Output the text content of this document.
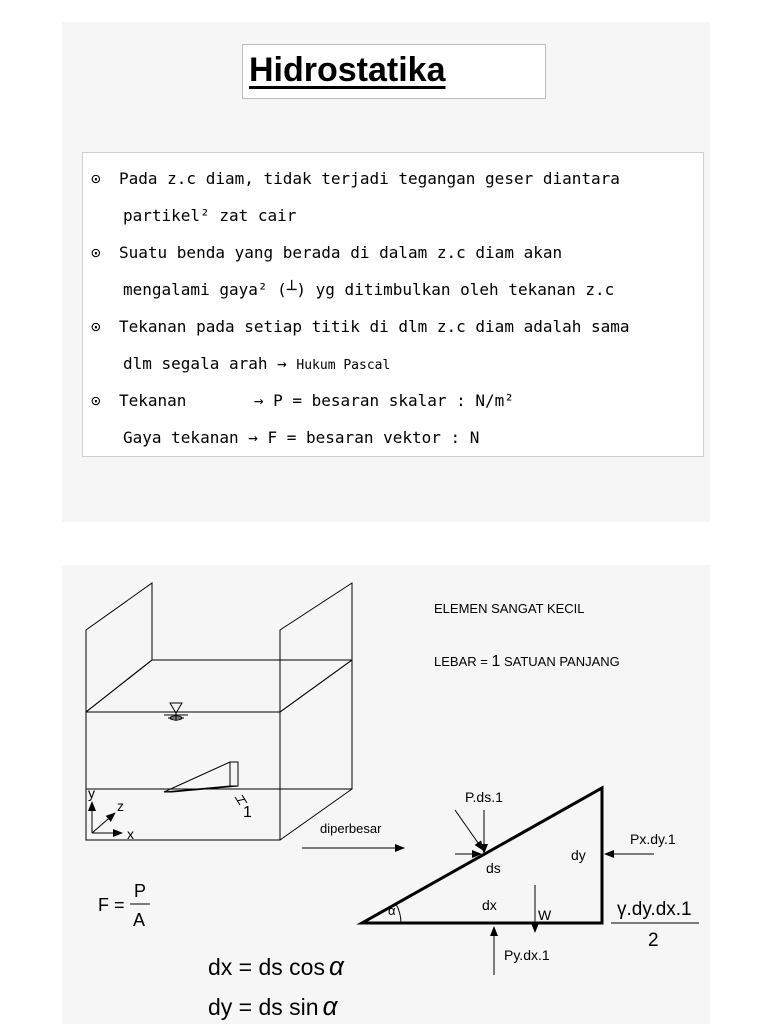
Hidrostatika
⊙ Pada z.c diam, tidak terjadi tegangan geser diantara
partikel² zat cair
⊙ Suatu benda yang berada di dalam z.c diam akan
mengalami gaya² (┴) yg ditimbulkan oleh tekanan z.c
⊙ Tekanan pada setiap titik di dlm z.c diam adalah sama
dlm segala arah → Hukum Pascal
⊙ Tekanan       → P = besaran skalar : N/m²
Gaya tekanan → F = besaran vektor : N
1
y
z
x
ELEMEN SANGAT KECIL
LEBAR = 1 SATUAN PANJANG
diperbesar
α
P.ds.1
ds
dy
dx
Px.dy.1
W
Py.dx.1
γ.dy.dx.1
2
F =
P
A
dx = ds cos α
dy = ds sin α
